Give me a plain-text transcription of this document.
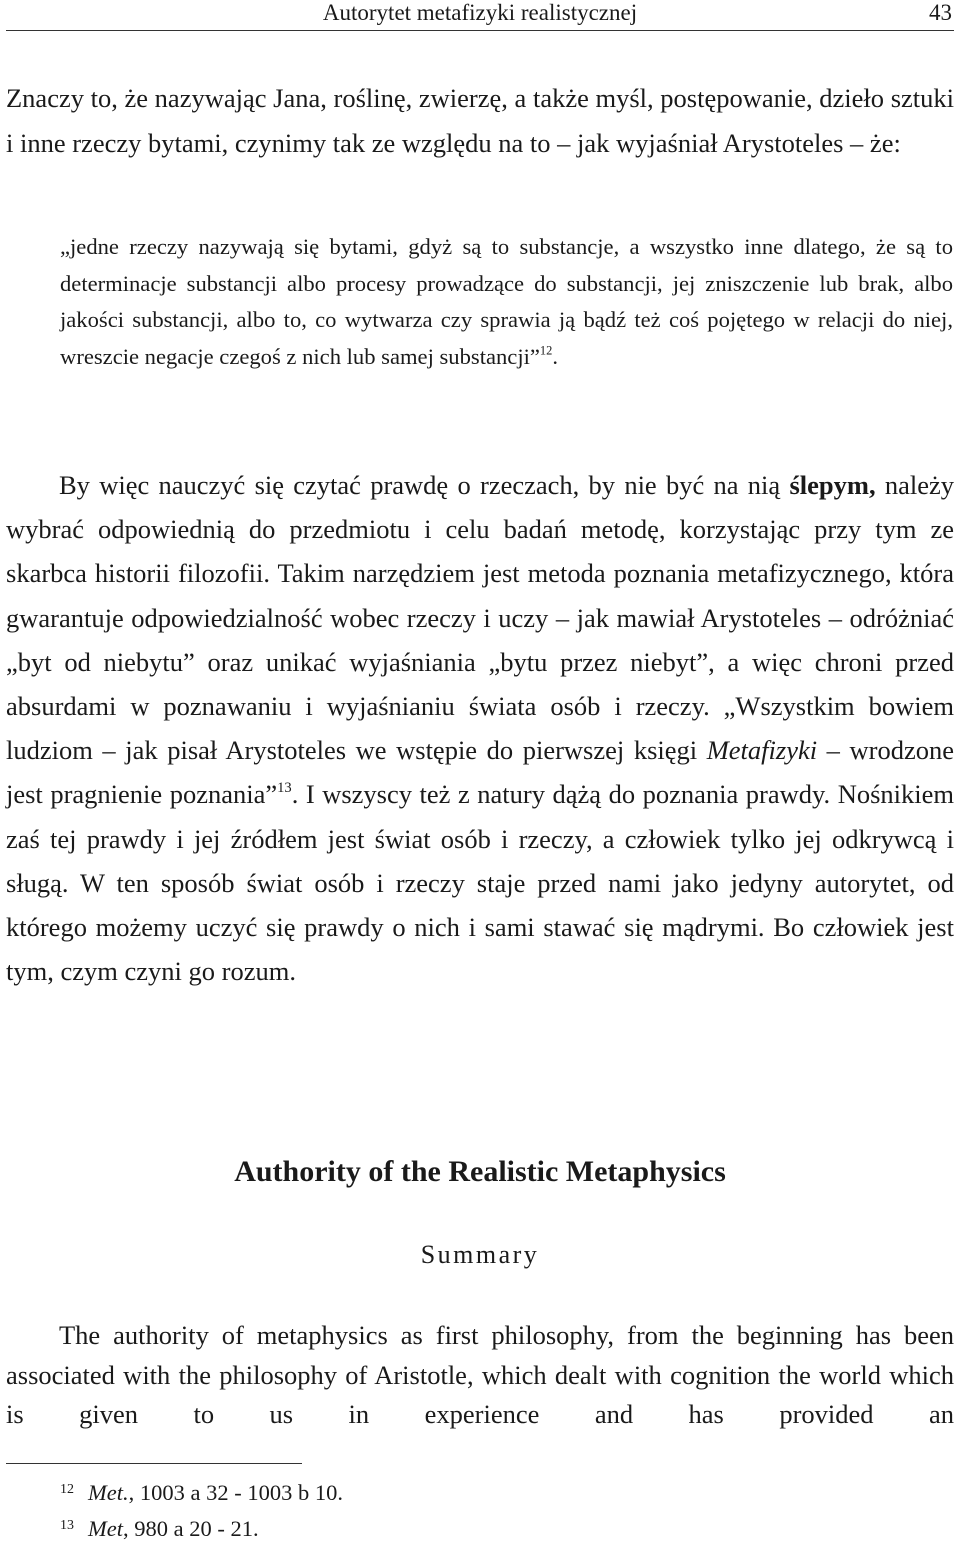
Autorytet metafizyki realistycznej	43

Znaczy to, że nazywając Jana, roślinę, zwierzę, a także myśl, postępowanie, dzieło sztuki i inne rzeczy bytami, czynimy tak ze względu na to – jak wyjaśniał Arystoteles – że:

„jedne rzeczy nazywają się bytami, gdyż są to substancje, a wszystko inne dlatego, że są to determinacje substancji albo procesy prowadzące do substancji, jej zniszczenie lub brak, albo jakości substancji, albo to, co wytwarza czy sprawia ją bądź też coś pojętego w relacji do niej, wreszcie negacje czegoś z nich lub samej substancji”$^{12}$.

By więc nauczyć się czytać prawdę o rzeczach, by nie być na nią ślepym, należy wybrać odpowiednią do przedmiotu i celu badań metodę, korzystając przy tym ze skarbca historii filozofii. Takim narzędziem jest metoda poznania metafizycznego, która gwarantuje odpowiedzialność wobec rzeczy i uczy – jak mawiał Arystoteles – odróżniać „byt od niebytu” oraz unikać wyjaśniania „bytu przez niebyt”, a więc chroni przed absurdami w poznawaniu i wyjaśnianiu świata osób i rzeczy. „Wszystkim bowiem ludziom – jak pisał Arystoteles we wstępie do pierwszej księgi Metafizyki – wrodzone jest pragnienie poznania”$^{13}$. I wszyscy też z natury dążą do poznania prawdy. Nośnikiem zaś tej prawdy i jej źródłem jest świat osób i rzeczy, a człowiek tylko jej odkrywcą i sługą. W ten sposób świat osób i rzeczy staje przed nami jako jedyny autorytet, od którego możemy uczyć się prawdy o nich i sami stawać się mądrymi. Bo człowiek jest tym, czym czyni go rozum.

Authority of the Realistic Metaphysics
Summary

The authority of metaphysics as first philosophy, from the beginning has been associated with the philosophy of Aristotle, which dealt with cognition the world which is given to us in experience and has provided an

12 Met., 1003 a 32 - 1003 b 10.
13 Met, 980 a 20 - 21.
